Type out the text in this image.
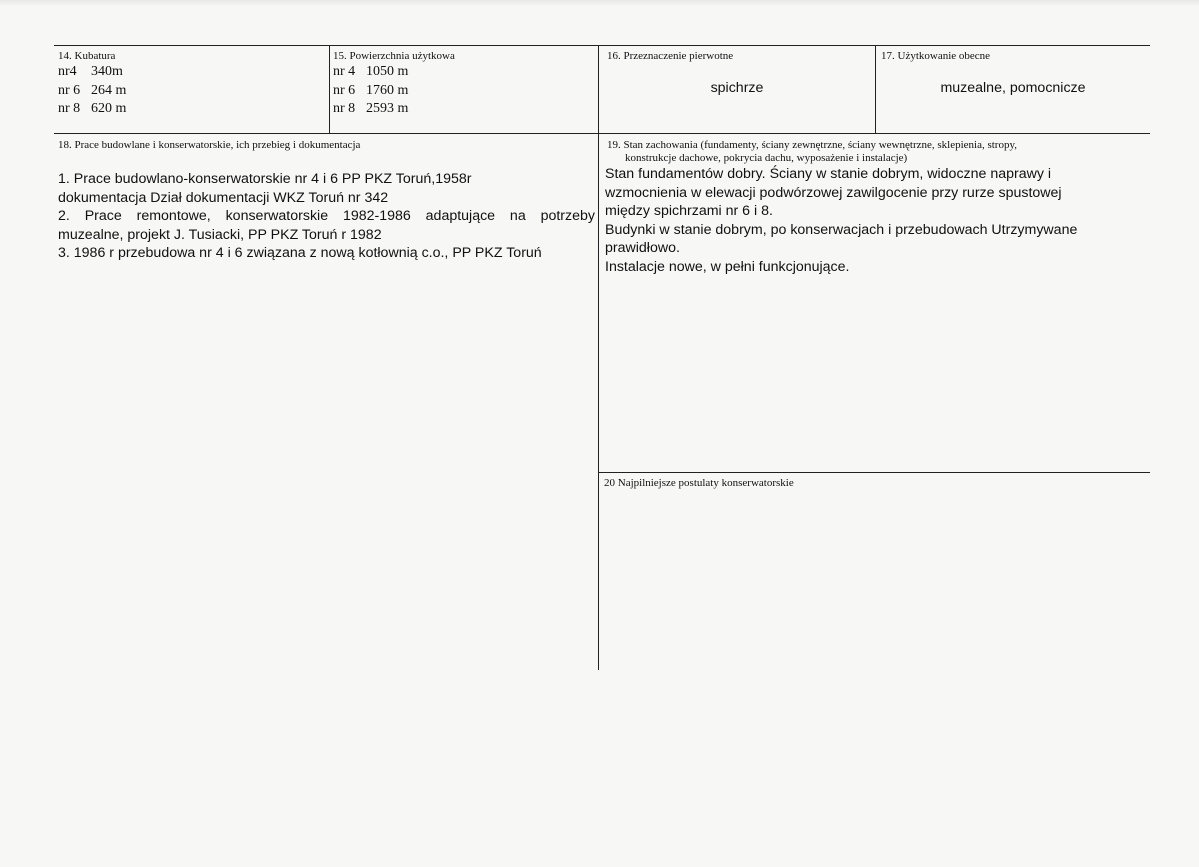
14. Kubatura
nr4 340m
nr 6 264 m
nr 8 620 m
15. Powierzchnia użytkowa
nr 4 1050 m
nr 6 1760 m
nr 8 2593 m
16. Przeznaczenie pierwotne
spichrze
17. Użytkowanie obecne
muzealne, pomocnicze
18. Prace budowlane i konserwatorskie, ich przebieg i dokumentacja
1. Prace budowlano-konserwatorskie nr 4 i 6 PP PKZ Toruń,1958r
dokumentacja Dział dokumentacji WKZ Toruń nr 342
2. Prace remontowe, konserwatorskie 1982-1986 adaptujące na potrzeby
muzealne, projekt J. Tusiacki, PP PKZ Toruń r 1982
3. 1986 r przebudowa nr 4 i 6 związana z nową kotłownią c.o., PP PKZ Toruń
19. Stan zachowania (fundamenty, ściany zewnętrzne, ściany wewnętrzne, sklepienia, stropy,
konstrukcje dachowe, pokrycia dachu, wyposażenie i instalacje)
Stan fundamentów dobry. Ściany w stanie dobrym, widoczne naprawy i
wzmocnienia w elewacji podwórzowej zawilgocenie przy rurze spustowej
między spichrzami nr 6 i 8.
Budynki w stanie dobrym, po konserwacjach i przebudowach Utrzymywane
prawidłowo.
Instalacje nowe, w pełni funkcjonujące.
20 Najpilniejsze postulaty konserwatorskie
